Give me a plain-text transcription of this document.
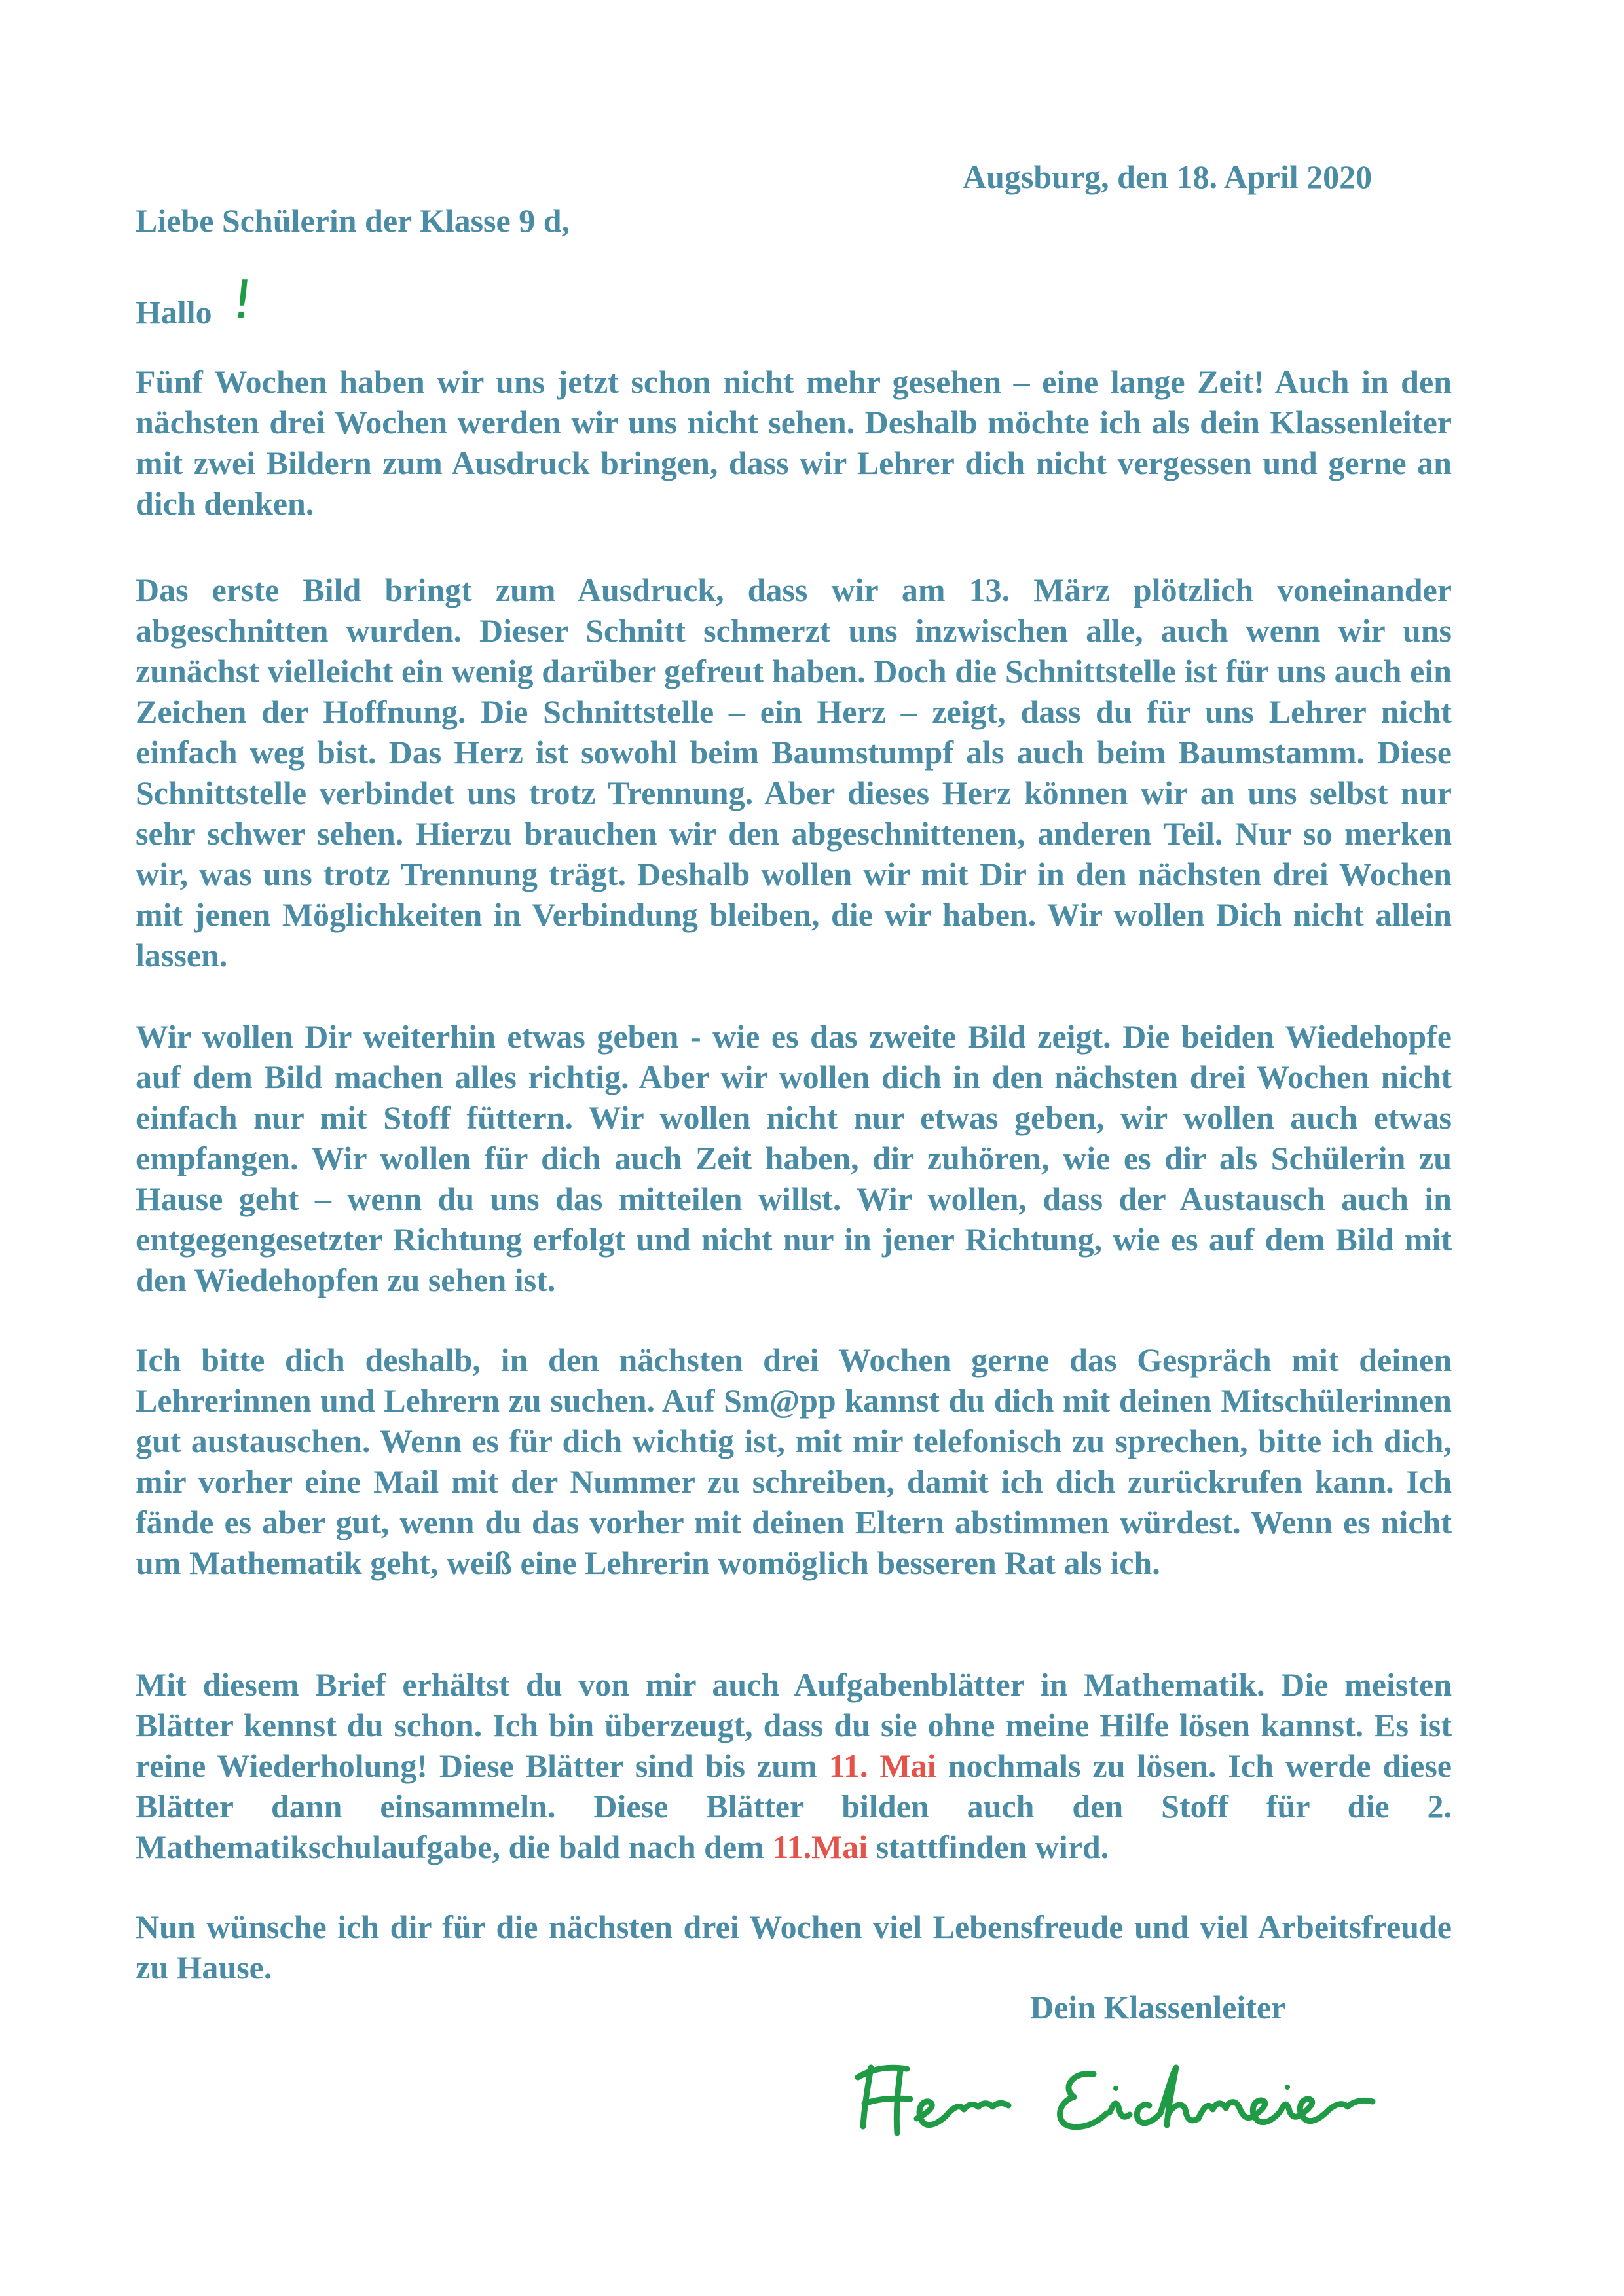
Augsburg, den 18. April 2020
Liebe Schülerin der Klasse 9 d,
Hallo !

Fünf Wochen haben wir uns jetzt schon nicht mehr gesehen – eine lange Zeit! Auch in den nächsten drei Wochen werden wir uns nicht sehen. Deshalb möchte ich als dein Klassenleiter mit zwei Bildern zum Ausdruck bringen, dass wir Lehrer dich nicht vergessen und gerne an dich denken.

Das erste Bild bringt zum Ausdruck, dass wir am 13. März plötzlich voneinander abgeschnitten wurden. Dieser Schnitt schmerzt uns inzwischen alle, auch wenn wir uns zunächst vielleicht ein wenig darüber gefreut haben. Doch die Schnittstelle ist für uns auch ein Zeichen der Hoffnung. Die Schnittstelle – ein Herz – zeigt, dass du für uns Lehrer nicht einfach weg bist. Das Herz ist sowohl beim Baumstumpf als auch beim Baumstamm. Diese Schnittstelle verbindet uns trotz Trennung. Aber dieses Herz können wir an uns selbst nur sehr schwer sehen. Hierzu brauchen wir den abgeschnittenen, anderen Teil. Nur so merken wir, was uns trotz Trennung trägt. Deshalb wollen wir mit Dir in den nächsten drei Wochen mit jenen Möglichkeiten in Verbindung bleiben, die wir haben. Wir wollen Dich nicht allein lassen.

Wir wollen Dir weiterhin etwas geben - wie es das zweite Bild zeigt. Die beiden Wiedehopfe auf dem Bild machen alles richtig. Aber wir wollen dich in den nächsten drei Wochen nicht einfach nur mit Stoff füttern. Wir wollen nicht nur etwas geben, wir wollen auch etwas empfangen. Wir wollen für dich auch Zeit haben, dir zuhören, wie es dir als Schülerin zu Hause geht – wenn du uns das mitteilen willst. Wir wollen, dass der Austausch auch in entgegengesetzter Richtung erfolgt und nicht nur in jener Richtung, wie es auf dem Bild mit den Wiedehopfen zu sehen ist.

Ich bitte dich deshalb, in den nächsten drei Wochen gerne das Gespräch mit deinen Lehrerinnen und Lehrern zu suchen. Auf Sm@pp kannst du dich mit deinen Mitschülerinnen gut austauschen. Wenn es für dich wichtig ist, mit mir telefonisch zu sprechen, bitte ich dich, mir vorher eine Mail mit der Nummer zu schreiben, damit ich dich zurückrufen kann. Ich fände es aber gut, wenn du das vorher mit deinen Eltern abstimmen würdest. Wenn es nicht um Mathematik geht, weiß eine Lehrerin womöglich besseren Rat als ich.

Mit diesem Brief erhältst du von mir auch Aufgabenblätter in Mathematik. Die meisten Blätter kennst du schon. Ich bin überzeugt, dass du sie ohne meine Hilfe lösen kannst. Es ist reine Wiederholung! Diese Blätter sind bis zum 11. Mai nochmals zu lösen. Ich werde diese Blätter dann einsammeln. Diese Blätter bilden auch den Stoff für die 2. Mathematikschulaufgabe, die bald nach dem 11.Mai stattfinden wird.

Nun wünsche ich dir für die nächsten drei Wochen viel Lebensfreude und viel Arbeitsfreude zu Hause.

Dein Klassenleiter
